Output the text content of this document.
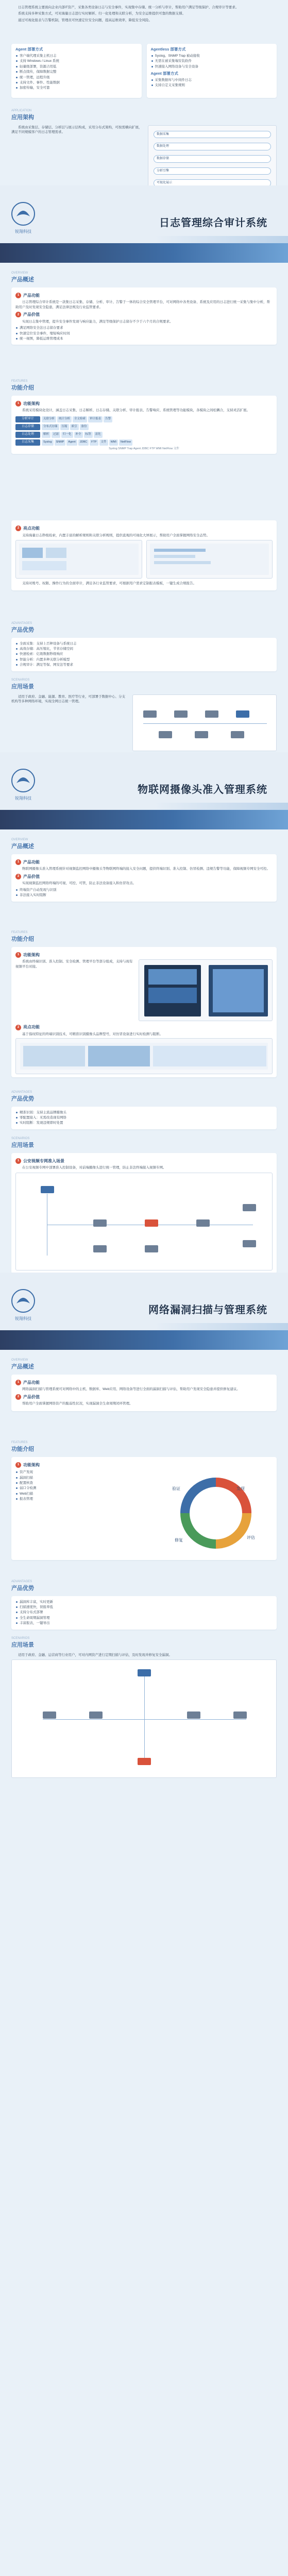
日志管理系统主要面向企业内部IT资产，采集各类设备日志与安全事件，实现集中存储、统一分析与审计，帮助用户满足等级保护、合规审计等要求。

系统支持多种采集方式，可对海量日志进行实时解析、归一化处理和关联分析，为安全运维提供可靠的数据支撑。

通过可视化报表与告警机制，管理员可快速定位安全问题，提高运维效率，降低安全风险。

Agent 部署方式
客户端代理采集主机日志
支持 Windows / Linux 系统
轻量级部署，资源占用低
断点续传，保障数据完整
统一管理，远程升级
支持文件、事件、性能数据
加密传输，安全可靠
Agentless 部署方式
Syslog、SNMP Trap 被动接收
无需在被采集端安装软件
快速接入网络设备与安全设备
Agent 部署方式
采集数据库与中间件日志
支持自定义采集规则
APPLICATION
应用架构

系统由采集层、存储层、分析层与展示层构成，采用分布式架构，可按需横向扩展，满足不同规模客户的日志管理需求。

数据采集
数据处理
数据存储
分析引擎
可视化展示
锐翔科技
日志管理综合审计系统
OVERVIEW
产品概述
1 产品功能

日志管理综合审计系统是一款集日志采集、存储、分析、审计、告警于一体的综合安全管理平台，可对网络中各类设备、系统及应用的日志进行统一采集与集中分析，帮助用户及时发现安全隐患，满足法律法规及行业监管要求。

2 产品价值

实现日志集中管理，提升安全事件发现与响应能力，满足等级保护日志留存不少于六个月的合规要求。

满足网络安全法日志留存要求
快速定位安全事件，缩短响应时间
统一视图，降低运维管理成本
FEATURES
功能介绍
1 功能架构

系统采用模块化设计，涵盖日志采集、日志解析、日志存储、关联分析、审计报表、告警响应、系统管理等功能模块，各模块之间松耦合，支持灵活扩展。

分析审计	关联分析	统计分析	全文检索	审计报表	告警
日志存储	分布式存储	压缩	索引	备份
日志处理	解析	过滤	归一化	补全	标签	富化
日志采集	Syslog	SNMP	Agent	JDBC	FTP	文件	WMI	NetFlow
Syslog SNMP Trap Agent JDBC FTP WMI NetFlow 文件
2 亮点功能

支持海量日志秒级检索，内置丰富的解析规则和关联分析规则，提供直观的可视化大屏展示，帮助用户全面掌握网络安全态势。

支持对账号、权限、操作行为的全面审计，满足各行业监管要求，可根据用户需求定制报表模板，一键生成合规报告。

ADVANTAGES
产品优势
全面采集：支持上百种设备与系统日志
高效存储：高压缩比，节省存储空间
快速检索：亿级数据秒级响应
智能分析：内置多种关联分析模型
合规审计：满足等保、网安法等要求
SCENARIOS
应用场景

适用于政府、金融、能源、教育、医疗等行业，可部署于数据中心、分支机构等多种网络环境，实现全网日志统一管理。

锐翔科技
物联网摄像头准入管理系统
OVERVIEW
产品概述
1 产品功能

物联网摄像头准入管理系统针对视频监控网络中摄像头等物联网终端的接入安全问题，提供终端识别、准入控制、仿冒检测、违规告警等功能，保障视频专网安全可控。

2 产品价值

实现视频监控网络终端的可视、可控、可管，防止非法设备接入和仿冒攻击。

终端资产自动发现与识别
非法接入实时阻断
FEATURES
功能介绍
1 功能架构

系统由终端识别、准入控制、安全检测、管理平台等部分组成，支持与现有视频平台对接。

2 亮点功能

基于指纹特征的终端识别技术，可精准识别摄像头品牌型号，对仿冒设备进行实时检测与阻断。

ADVANTAGES
产品优势
精准识别：支持主流品牌摄像头
零配置接入：无需改造现有网络
实时阻断：发现违规即时处置
SCENARIOS
应用场景
1 公安视频专网准入场景

在公安视频专网中部署准入控制设备，对前端摄像头进行统一管理，防止非法终端接入视频专网。

锐翔科技
网络漏洞扫描与管理系统
OVERVIEW
产品概述
1 产品功能

网络漏洞扫描与管理系统可对网络中的主机、数据库、Web应用、网络设备等进行全面的漏洞扫描与评估，帮助用户发现安全隐患并提供修复建议。

2 产品价值

帮助用户全面掌握网络资产的脆弱性状况，实现漏洞全生命周期闭环管理。

FEATURES
功能介绍
1 功能架构
资产发现
漏洞扫描
配置核查
弱口令检测
Web扫描
报表管理
发现
评估
修复
验证
ADVANTAGES
产品优势
漏洞库丰富，实时更新
扫描速度快，误报率低
支持分布式部署
全生命周期漏洞管理
丰富报表，一键导出
SCENARIOS
应用场景

适用于政府、金融、运营商等行业用户，可对内网资产进行定期扫描与评估，及时发现并修复安全漏洞。
